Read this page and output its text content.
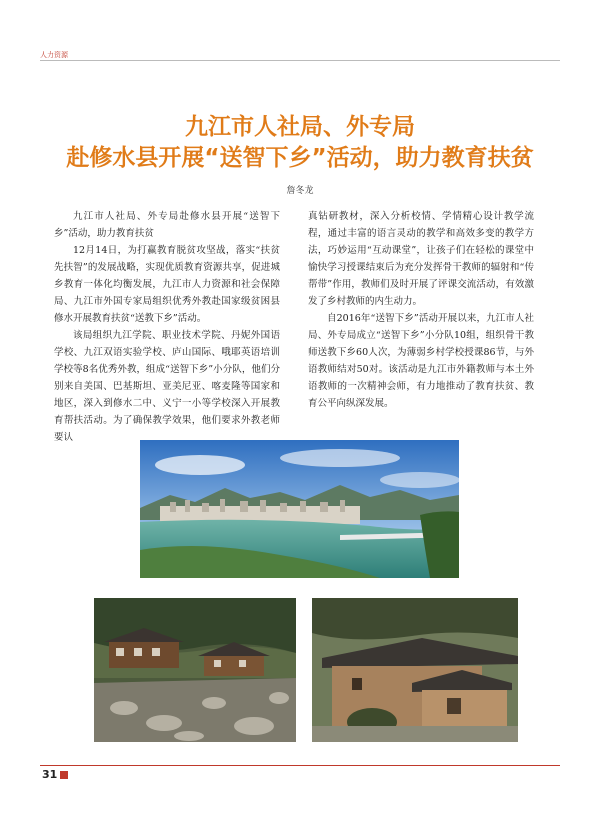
人力资源
九江市人社局、外专局
赴修水县开展“送智下乡”活动，助力教育扶贫
詹冬龙

九江市人社局、外专局赴修水县开展“送智下乡”活动，助力教育扶贫

12月14日，为打赢教育脱贫攻坚战，落实“扶贫先扶智”的发展战略，实现优质教育资源共享，促进城乡教育一体化均衡发展，九江市人力资源和社会保障局、九江市外国专家局组织优秀外教赴国家级贫困县修水开展教育扶贫“送教下乡”活动。

该局组织九江学院、职业技术学院、丹妮外国语学校、九江双语实验学校、庐山国际、哦耶英语培训学校等8名优秀外教，组成“送智下乡”小分队，他们分别来自美国、巴基斯坦、亚美尼亚、喀麦隆等国家和地区，深入到修水二中、义宁一小等学校深入开展教育帮扶活动。为了确保教学效果，他们要求外教老师要认

真钻研教材，深入分析校情、学情精心设计教学流程，通过丰富的语言灵动的教学和高效多变的教学方法，巧妙运用“互动课堂”，让孩子们在轻松的课堂中愉快学习授课结束后为充分发挥骨干教师的辐射和“传帮带”作用，教师们及时开展了评课交流活动，有效激发了乡村教师的内生动力。

自2016年“送智下乡”活动开展以来，九江市人社局、外专局成立“送智下乡”小分队10组，组织骨干教师送教下乡60人次，为薄弱乡村学校授课86节，与外语教师结对50对。该活动是九江市外籍教师与本土外语教师的一次精神会师，有力地推动了教育扶贫、教育公平向纵深发展。

31
